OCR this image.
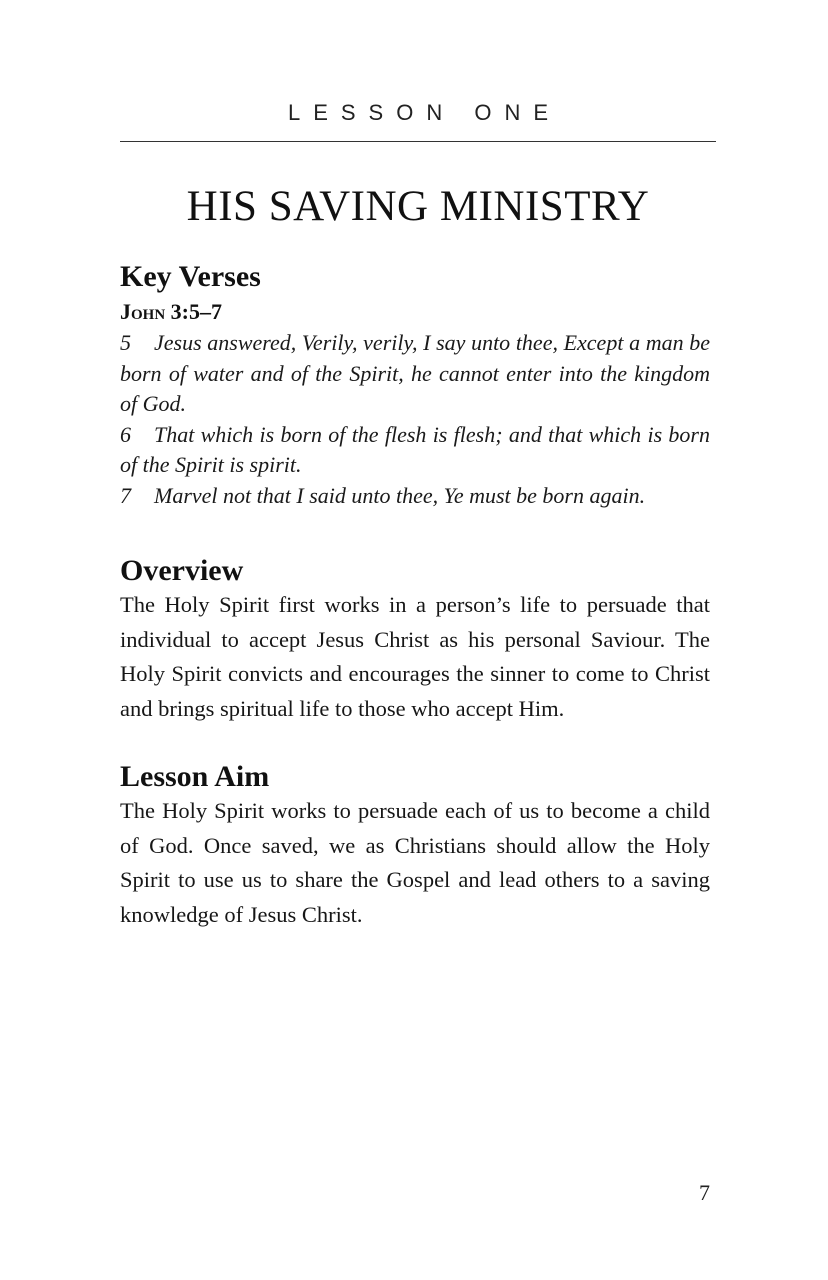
LESSON ONE
HIS SAVING MINISTRY
Key Verses
John 3:5–7

5 Jesus answered, Verily, verily, I say unto thee, Except a man be born of water and of the Spirit, he cannot enter into the kingdom of God.

6 That which is born of the flesh is flesh; and that which is born of the Spirit is spirit.

7 Marvel not that I said unto thee, Ye must be born again.

Overview

The Holy Spirit first works in a person’s life to persuade that individual to accept Jesus Christ as his personal Saviour. The Holy Spirit convicts and encourages the sinner to come to Christ and brings spiritual life to those who accept Him.

Lesson Aim

The Holy Spirit works to persuade each of us to become a child of God. Once saved, we as Christians should allow the Holy Spirit to use us to share the Gospel and lead others to a saving knowledge of Jesus Christ.

7
